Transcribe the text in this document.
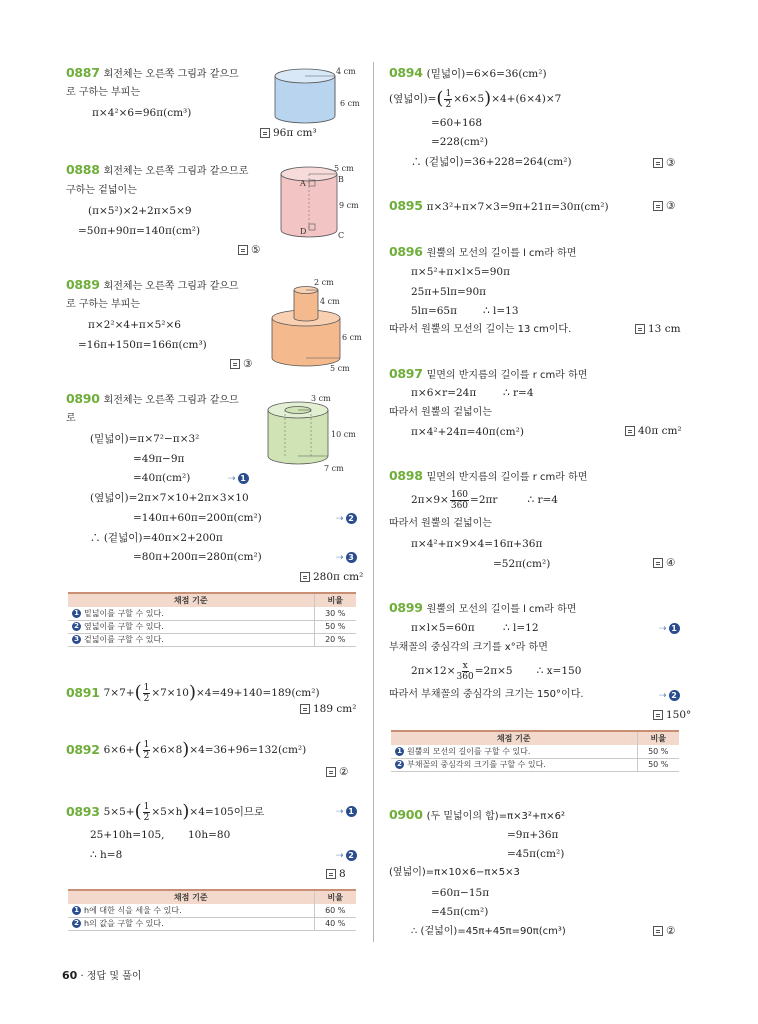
0887 회전체는 오른쪽 그림과 같으므
로 구하는 부피는
π×4²×6=96π(cm³)
96π cm³
4 cm
6 cm
0888 회전체는 오른쪽 그림과 같으므로
구하는 겉넓이는
(π×5²)×2+2π×5×9
=50π+90π=140π(cm²)
⑤
5 cm
9 cm
A	B
C
D
0889 회전체는 오른쪽 그림과 같으므
로 구하는 부피는
π×2²×4+π×5²×6
=16π+150π=166π(cm³)
③
2 cm
4 cm
6 cm
5 cm
0890 회전체는 오른쪽 그림과 같으므
로
(밑넓이)=π×7²−π×3²
=49π−9π
=40π(cm²)	⇢ 1
(옆넓이)=2π×7×10+2π×3×10
=140π+60π=200π(cm²)	⇢ 2
∴ (겉넓이)=40π×2+200π
=80π+200π=280π(cm²)	⇢ 3
280π cm²
3 cm
10 cm
7 cm
채점 기준	비율
1 밑넓이를 구할 수 있다.	30 %
2 옆넓이를 구할 수 있다.	50 %
3 겉넓이를 구할 수 있다.	20 %
0891 7×7+ ( $\frac{1}{2} \times 7\times 10$ ) ×4=49+140=189(cm²)
189 cm²
0892 6×6+ ( $\frac{1}{2} \times 6\times 8$ ) ×4=36+96=132(cm²)
②
0893 5×5+ ( $\frac{1}{2} \times 5\times h$ ) ×4=105이므로	⇢ 1
25+10h=105, 10h=80
∴ h=8	⇢ 2
8
채점 기준	비율
1 h에 대한 식을 세울 수 있다.	60 %
2 h의 값을 구할 수 있다.	40 %
0894 (밑넓이)=6×6=36(cm²)
(옆넓이)= ( $\frac{1}{2} \times 6\times 5$ ) ×4+(6×4)×7
=60+168
=228(cm²)
∴ (겉넓이)=36+228=264(cm²)	③
0895 π×3²+π×7×3=9π+21π=30π(cm²)	③
0896 원뿔의 모선의 길이를 l cm라 하면
π×5²+π×l×5=90π
25π+5lπ=90π
5lπ=65π ∴ l=13
따라서 원뿔의 모선의 길이는 13 cm이다.	13 cm
0897 밑면의 반지름의 길이를 r cm라 하면
π×6×r=24π	∴ r=4
따라서 원뿔의 겉넓이는
π×4²+24π=40π(cm²)	40π cm²
0898 밑면의 반지름의 길이를 r cm라 하면
$2\pi\times 9\times \frac{160}{360} =2\pi r$	∴ r=4
따라서 원뿔의 겉넓이는
π×4²+π×9×4=16π+36π
=52π(cm²)	④
0899 원뿔의 모선의 길이를 l cm라 하면
π×l×5=60π	∴ l=12	⇢ 1
부채꼴의 중심각의 크기를 x°라 하면
$2\pi\times 12\times \frac{x}{360} =2\pi\times 5$ ∴ x=150
따라서 부채꼴의 중심각의 크기는 150°이다.	⇢ 2
150°
채점 기준	비율
1 원뿔의 모선의 길이를 구할 수 있다.	50 %
2 부채꼴의 중심각의 크기를 구할 수 있다.	50 %
0900 (두 밑넓이의 합)=π×3²+π×6²
=9π+36π
=45π(cm²)
(옆넓이)=π×10×6−π×5×3
=60π−15π
=45π(cm²)
∴ (겉넓이)=45π+45π=90π(cm³)	②
60 · 정답 및 풀이
